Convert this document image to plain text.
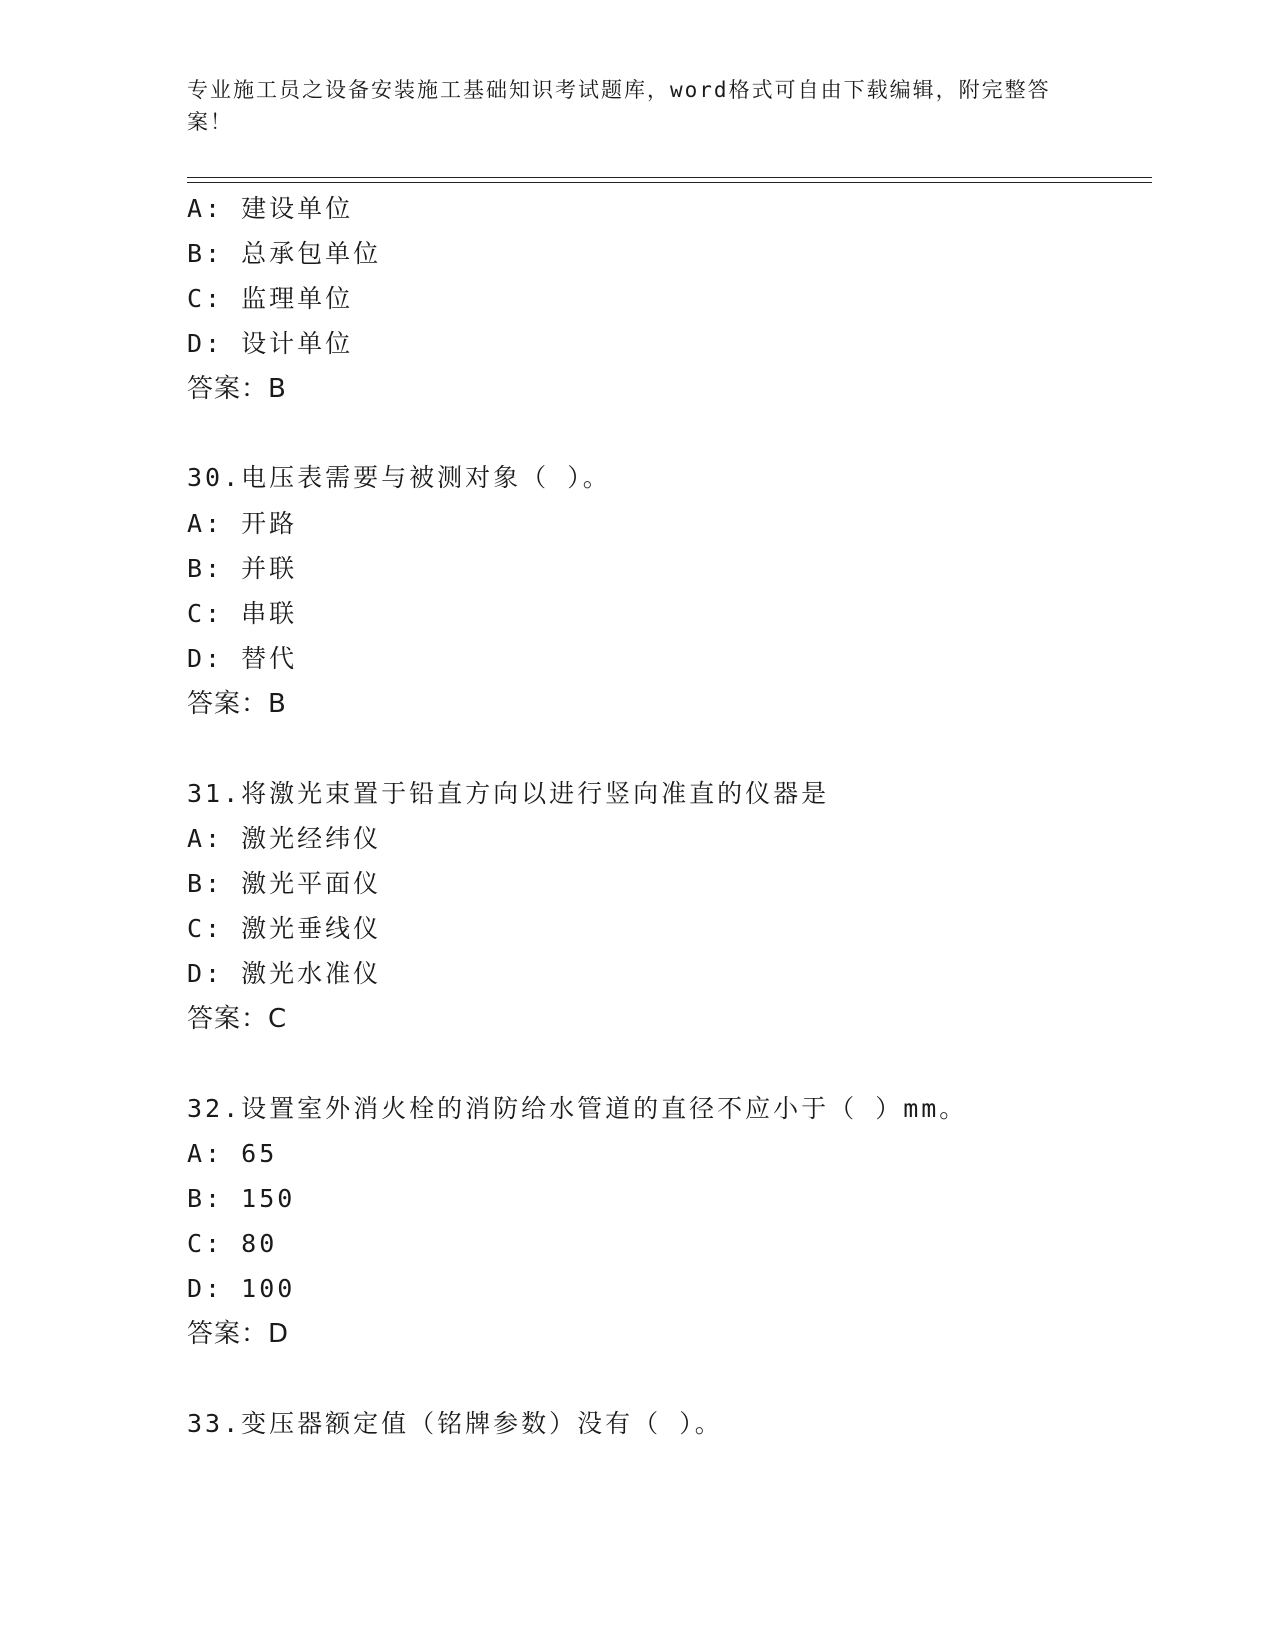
专业施工员之设备安装施工基础知识考试题库，word格式可自由下载编辑，附完整答案！
A: 建设单位
B: 总承包单位
C: 监理单位
D: 设计单位
答案：B
30.电压表需要与被测对象（ ）。
A: 开路
B: 并联
C: 串联
D: 替代
答案：B
31.将激光束置于铅直方向以进行竖向准直的仪器是
A: 激光经纬仪
B: 激光平面仪
C: 激光垂线仪
D: 激光水准仪
答案：C
32.设置室外消火栓的消防给水管道的直径不应小于（ ）mm。
A: 65
B: 150
C: 80
D: 100
答案：D
33.变压器额定值（铭牌参数）没有（ ）。
